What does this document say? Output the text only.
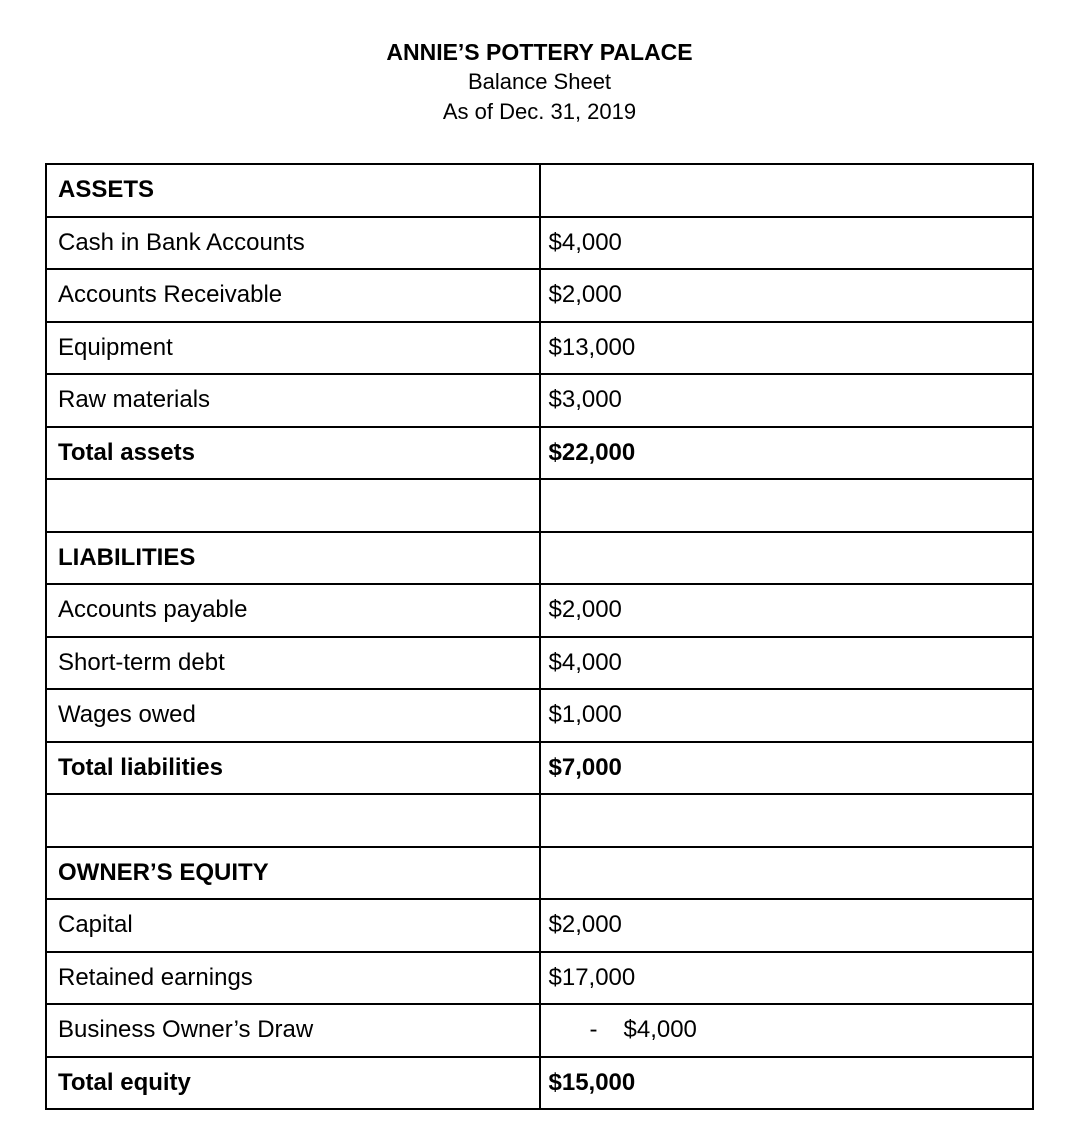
ANNIE’S POTTERY PALACE
Balance Sheet
As of Dec. 31, 2019
ASSETS	
Cash in Bank Accounts	$4,000
Accounts Receivable	$2,000
Equipment	$13,000
Raw materials	$3,000
Total assets	$22,000

LIABILITIES	
Accounts payable	$2,000
Short-term debt	$4,000
Wages owed	$1,000
Total liabilities	$7,000

OWNER’S EQUITY	
Capital	$2,000
Retained earnings	$17,000
Business Owner’s Draw	- $4,000
Total equity	$15,000
